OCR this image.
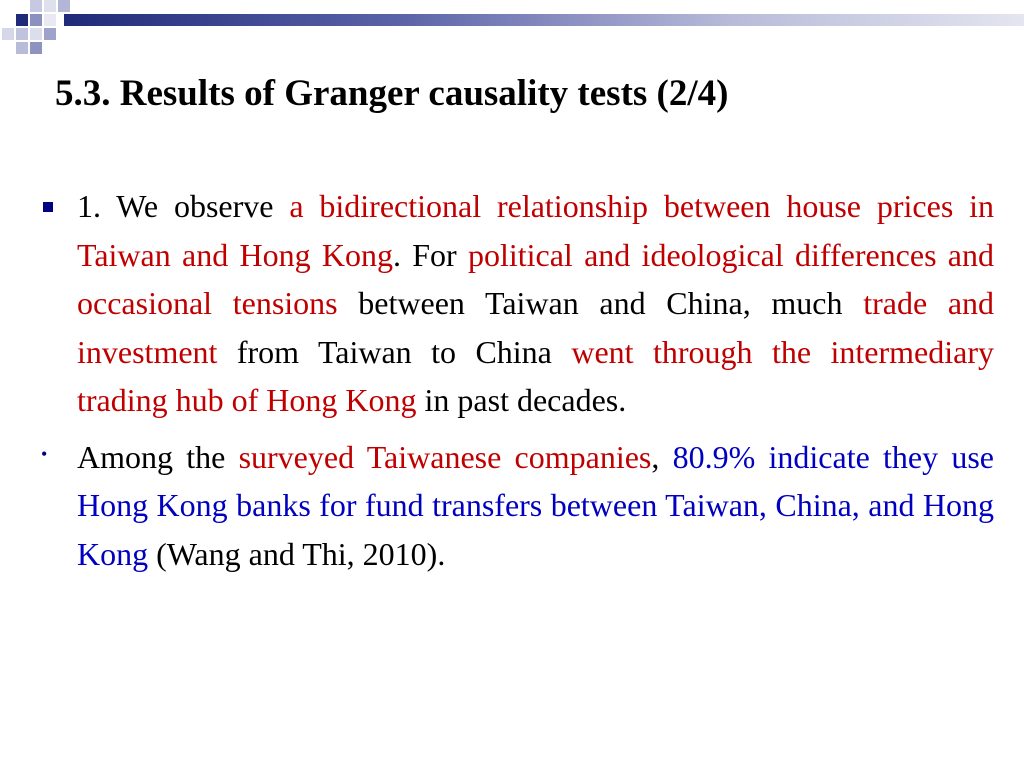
5.3. Results of Granger causality tests (2/4)
1. We observe a bidirectional relationship between house prices in Taiwan and Hong Kong. For political and ideological differences and occasional tensions between Taiwan and China, much trade and investment from Taiwan to China went through the intermediary trading hub of Hong Kong in past decades.
• Among the surveyed Taiwanese companies, 80.9% indicate they use Hong Kong banks for fund transfers between Taiwan, China, and Hong Kong (Wang and Thi, 2010).
